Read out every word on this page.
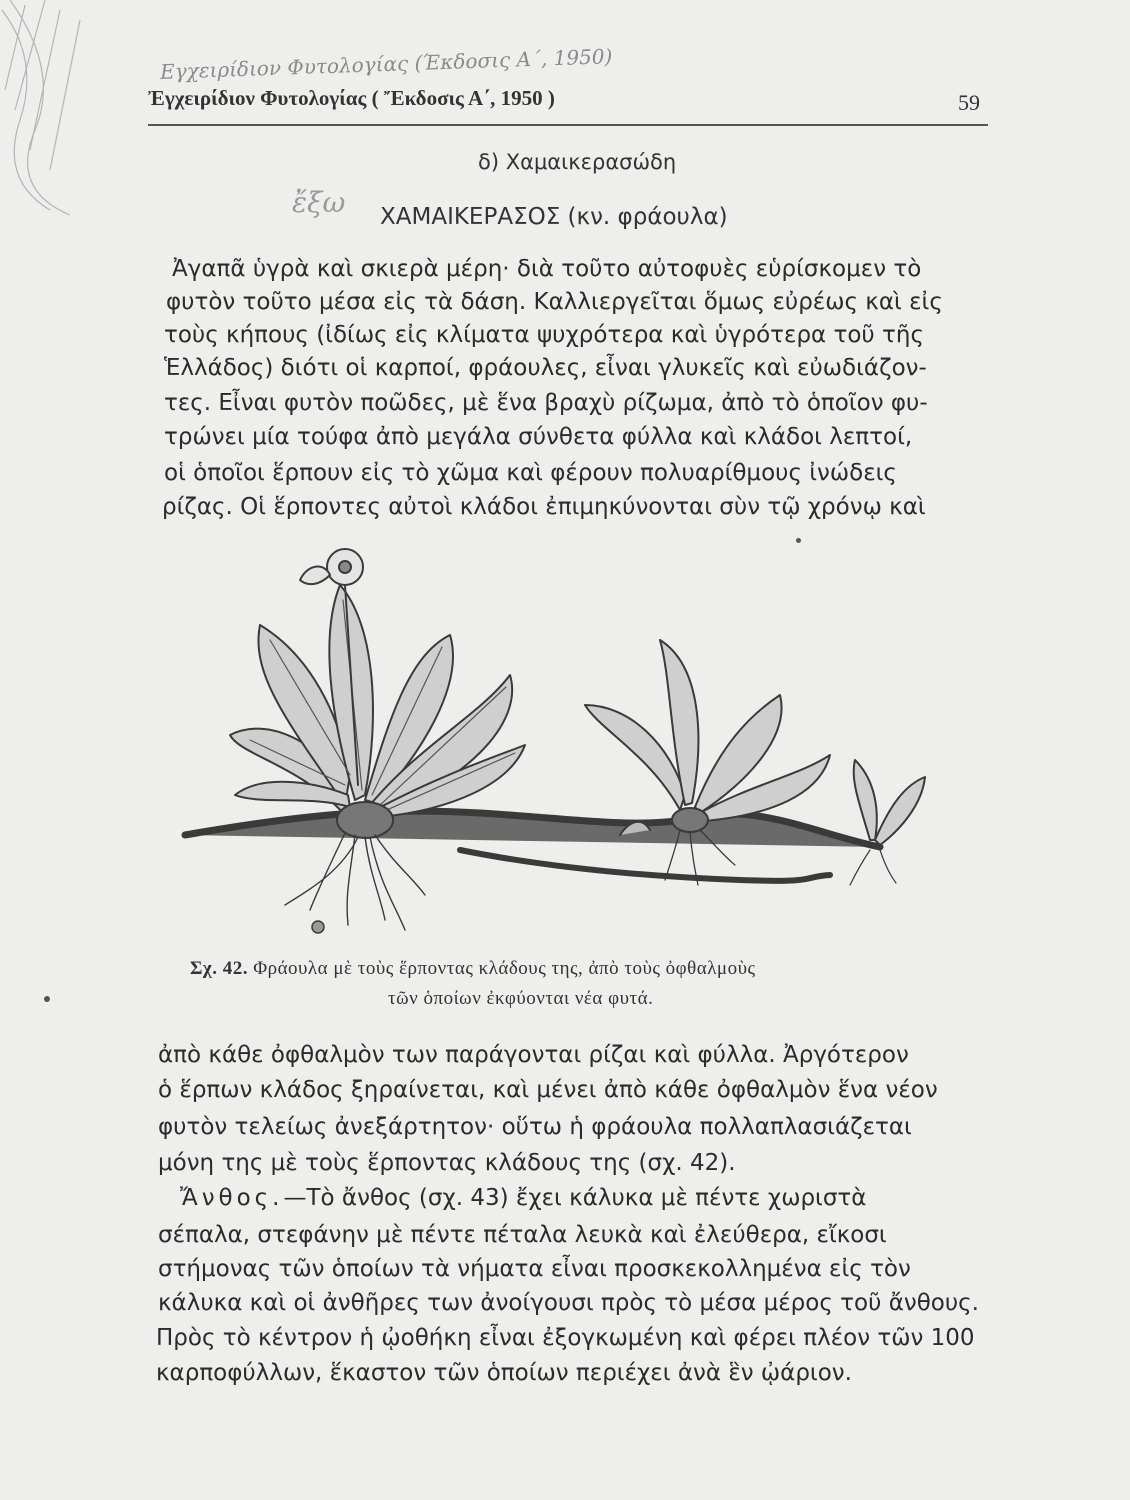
Εγχειρίδιον Φυτολογίας (Έκδοσις Α΄, 1950)
Ἐγχειρίδιον Φυτολογίας ( Ἔκδοσις Α΄, 1950 )	59
δ) Χαμαικερασώδη
ἔξω ΧΑΜΑΙΚΕΡΑΣΟΣ (κν. φράουλα)
Ἀγαπᾶ ὑγρὰ καὶ σκιερὰ μέρη· διὰ τοῦτο αὐτοφυὲς εὑρίσκομεν τὸ
φυτὸν τοῦτο μέσα εἰς τὰ δάση. Καλλιεργεῖται ὅμως εὐρέως καὶ εἰς
τοὺς κήπους (ἰδίως εἰς κλίματα ψυχρότερα καὶ ὑγρότερα τοῦ τῆς
Ἑλλάδος) διότι οἱ καρποί, φράουλες, εἶναι γλυκεῖς καὶ εὐωδιάζον-
τες. Εἶναι φυτὸν ποῶδες, μὲ ἕνα βραχὺ ρίζωμα, ἀπὸ τὸ ὁποῖον φυ-
τρώνει μία τούφα ἀπὸ μεγάλα σύνθετα φύλλα καὶ κλάδοι λεπτοί,
οἱ ὁποῖοι ἕρπουν εἰς τὸ χῶμα καὶ φέρουν πολυαρίθμους ἰνώδεις
ρίζας. Οἱ ἕρποντες αὐτοὶ κλάδοι ἐπιμηκύνονται σὺν τῷ χρόνῳ καὶ
Σχ. 42. Φράουλα μὲ τοὺς ἕρποντας κλάδους της, ἀπὸ τοὺς ὀφθαλμοὺς
τῶν ὁποίων ἐκφύονται νέα φυτά.
ἀπὸ κάθε ὀφθαλμὸν των παράγονται ρίζαι καὶ φύλλα. Ἀργότερον
ὁ ἕρπων κλάδος ξηραίνεται, καὶ μένει ἀπὸ κάθε ὀφθαλμὸν ἕνα νέον
φυτὸν τελείως ἀνεξάρτητον· οὕτω ἡ φράουλα πολλαπλασιάζεται
μόνη της μὲ τοὺς ἕρποντας κλάδους της (σχ. 42).
Ἄνθος.—Τὸ ἄνθος (σχ. 43) ἔχει κάλυκα μὲ πέντε χωριστὰ
σέπαλα, στεφάνην μὲ πέντε πέταλα λευκὰ καὶ ἐλεύθερα, εἴκοσι
στήμονας τῶν ὁποίων τὰ νήματα εἶναι προσκεκολλημένα εἰς τὸν
κάλυκα καὶ οἱ ἀνθῆρες των ἀνοίγουσι πρὸς τὸ μέσα μέρος τοῦ ἄνθους.
Πρὸς τὸ κέντρον ἡ ᾠοθήκη εἶναι ἐξογκωμένη καὶ φέρει πλέον τῶν 100
καρποφύλλων, ἕκαστον τῶν ὁποίων περιέχει ἀνὰ ἓν ᾠάριον.
